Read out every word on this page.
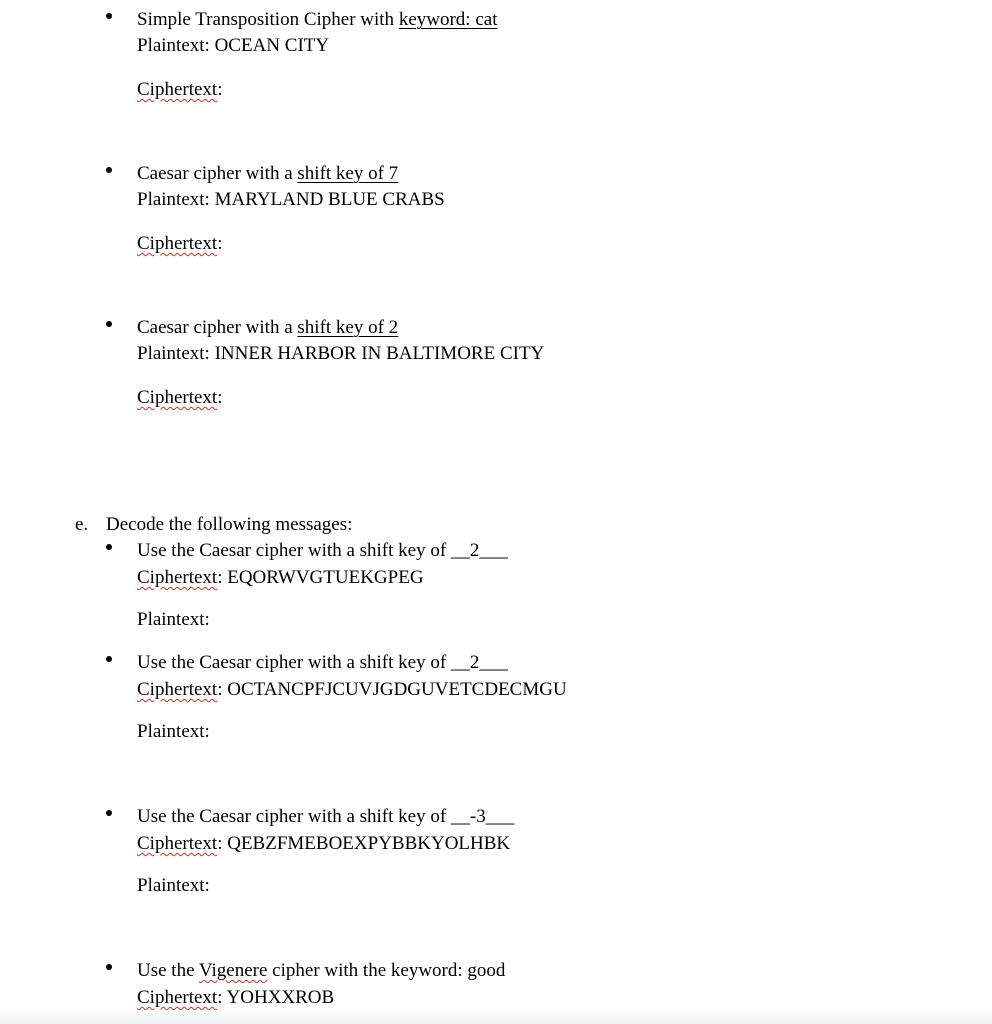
Simple Transposition Cipher with keyword: cat
Plaintext: OCEAN CITY
Ciphertext:
Caesar cipher with a shift key of 7
Plaintext: MARYLAND BLUE CRABS
Ciphertext:
Caesar cipher with a shift key of 2
Plaintext: INNER HARBOR IN BALTIMORE CITY
Ciphertext:
e. Decode the following messages:
Use the Caesar cipher with a shift key of __2___
Ciphertext: EQORWVGTUEKGPEG
Plaintext:
Use the Caesar cipher with a shift key of __2___
Ciphertext: OCTANCPFJCUVJGDGUVETCDECMGU
Plaintext:
Use the Caesar cipher with a shift key of __-3___
Ciphertext: QEBZFMEBOEXPYBBKYOLHBK
Plaintext:
Use the Vigenere cipher with the keyword: good
Ciphertext: YOHXXROB
